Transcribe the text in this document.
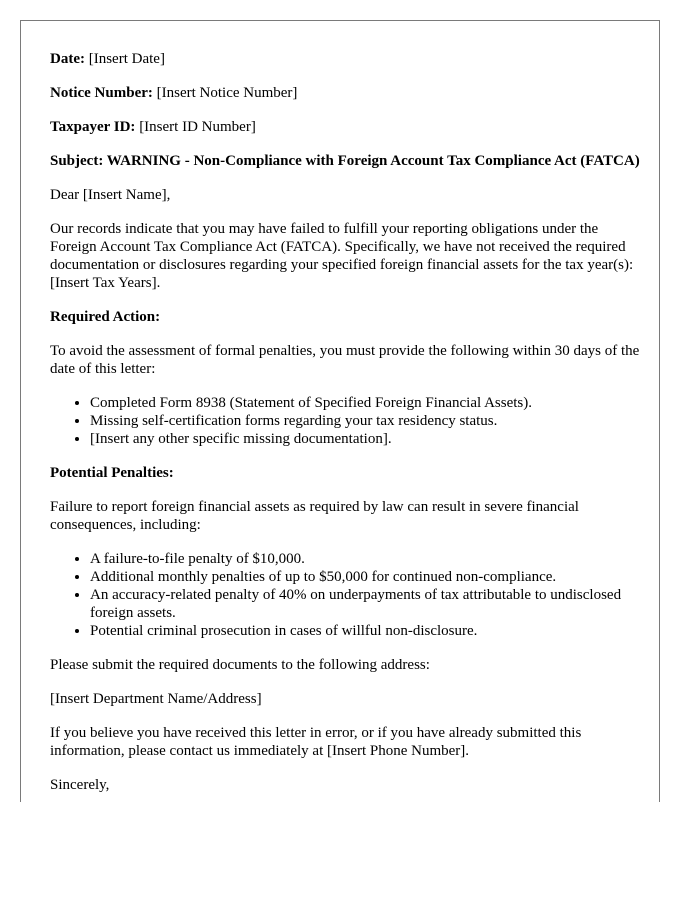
Date: [Insert Date]

Notice Number: [Insert Notice Number]

Taxpayer ID: [Insert ID Number]

Subject: WARNING - Non-Compliance with Foreign Account Tax Compliance Act (FATCA)

Dear [Insert Name],

Our records indicate that you may have failed to fulfill your reporting obligations under the Foreign Account Tax Compliance Act (FATCA). Specifically, we have not received the required documentation or disclosures regarding your specified foreign financial assets for the tax year(s): [Insert Tax Years].

Required Action:

To avoid the assessment of formal penalties, you must provide the following within 30 days of the date of this letter:

• Completed Form 8938 (Statement of Specified Foreign Financial Assets).
• Missing self-certification forms regarding your tax residency status.
• [Insert any other specific missing documentation].

Potential Penalties:

Failure to report foreign financial assets as required by law can result in severe financial consequences, including:

• A failure-to-file penalty of $10,000.
• Additional monthly penalties of up to $50,000 for continued non-compliance.
• An accuracy-related penalty of 40% on underpayments of tax attributable to undisclosed foreign assets.
• Potential criminal prosecution in cases of willful non-disclosure.

Please submit the required documents to the following address:

[Insert Department Name/Address]

If you believe you have received this letter in error, or if you have already submitted this information, please contact us immediately at [Insert Phone Number].

Sincerely,
